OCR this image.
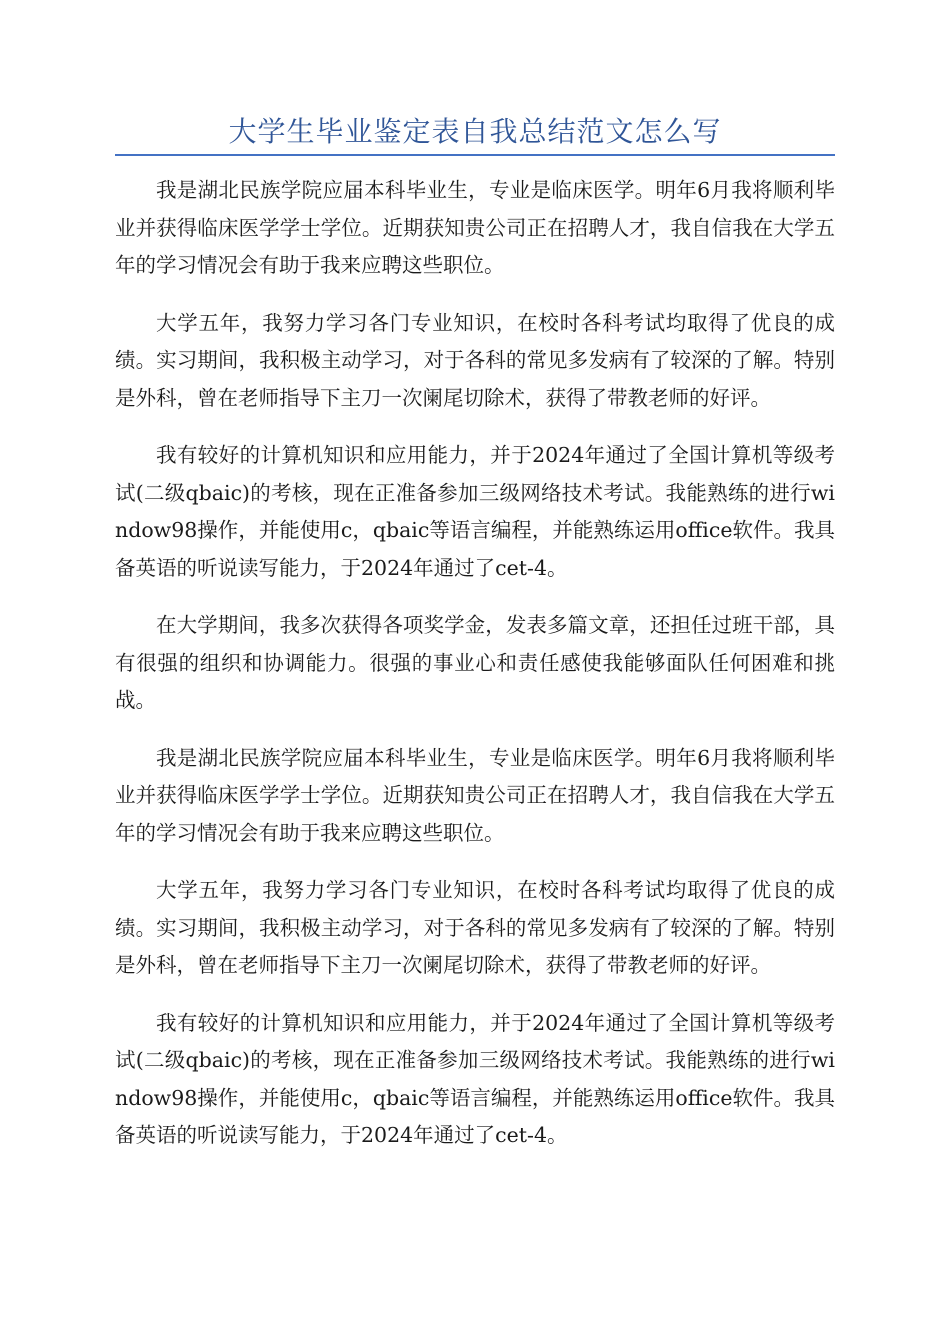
大学生毕业鉴定表自我总结范文怎么写

我是湖北民族学院应届本科毕业生，专业是临床医学。明年6月我将顺利毕业并获得临床医学学士学位。近期获知贵公司正在招聘人才，我自信我在大学五年的学习情况会有助于我来应聘这些职位。

大学五年，我努力学习各门专业知识，在校时各科考试均取得了优良的成绩。实习期间，我积极主动学习，对于各科的常见多发病有了较深的了解。特别是外科，曾在老师指导下主刀一次阑尾切除术，获得了带教老师的好评。

我有较好的计算机知识和应用能力，并于2024年通过了全国计算机等级考试(二级qbaic)的考核，现在正准备参加三级网络技术考试。我能熟练的进行window98操作，并能使用c，qbaic等语言编程，并能熟练运用office软件。我具备英语的听说读写能力，于2024年通过了cet-4。

在大学期间，我多次获得各项奖学金，发表多篇文章，还担任过班干部，具有很强的组织和协调能力。很强的事业心和责任感使我能够面队任何困难和挑战。

我是湖北民族学院应届本科毕业生，专业是临床医学。明年6月我将顺利毕业并获得临床医学学士学位。近期获知贵公司正在招聘人才，我自信我在大学五年的学习情况会有助于我来应聘这些职位。

大学五年，我努力学习各门专业知识，在校时各科考试均取得了优良的成绩。实习期间，我积极主动学习，对于各科的常见多发病有了较深的了解。特别是外科，曾在老师指导下主刀一次阑尾切除术，获得了带教老师的好评。

我有较好的计算机知识和应用能力，并于2024年通过了全国计算机等级考试(二级qbaic)的考核，现在正准备参加三级网络技术考试。我能熟练的进行window98操作，并能使用c，qbaic等语言编程，并能熟练运用office软件。我具备英语的听说读写能力，于2024年通过了cet-4。
